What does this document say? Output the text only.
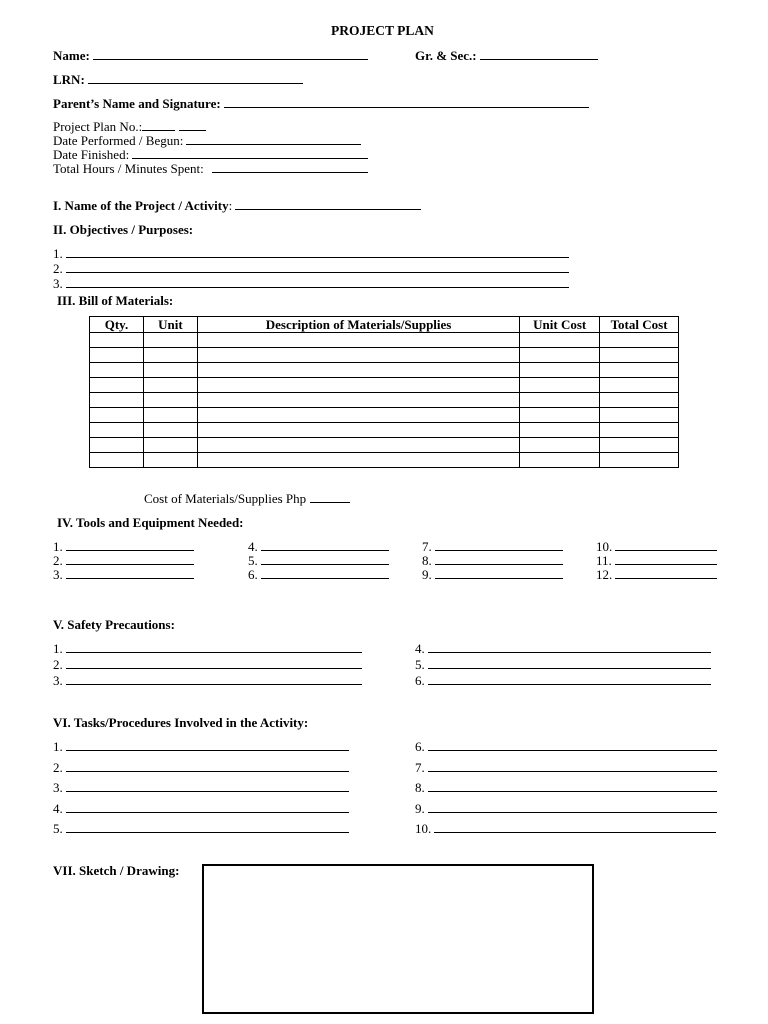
PROJECT PLAN
Name:	Gr. & Sec.:
LRN:
Parent’s Name and Signature:
Project Plan No.:
Date Performed / Begun:
Date Finished:
Total Hours / Minutes Spent:
I. Name of the Project / Activity:
II. Objectives / Purposes:
1.
2.
3.
III. Bill of Materials:
Qty.	Unit	Description of Materials/Supplies	Unit Cost	Total Cost

Cost of Materials/Supplies Php
IV. Tools and Equipment Needed:
1.
2.
3.
4.
5.
6.
7.
8.
9.
10.
11.
12.
V. Safety Precautions:
1.
2.
3.
4.
5.
6.
VI. Tasks/Procedures Involved in the Activity:
1.
2.
3.
4.
5.
6.
7.
8.
9.
10.
VII. Sketch / Drawing:
